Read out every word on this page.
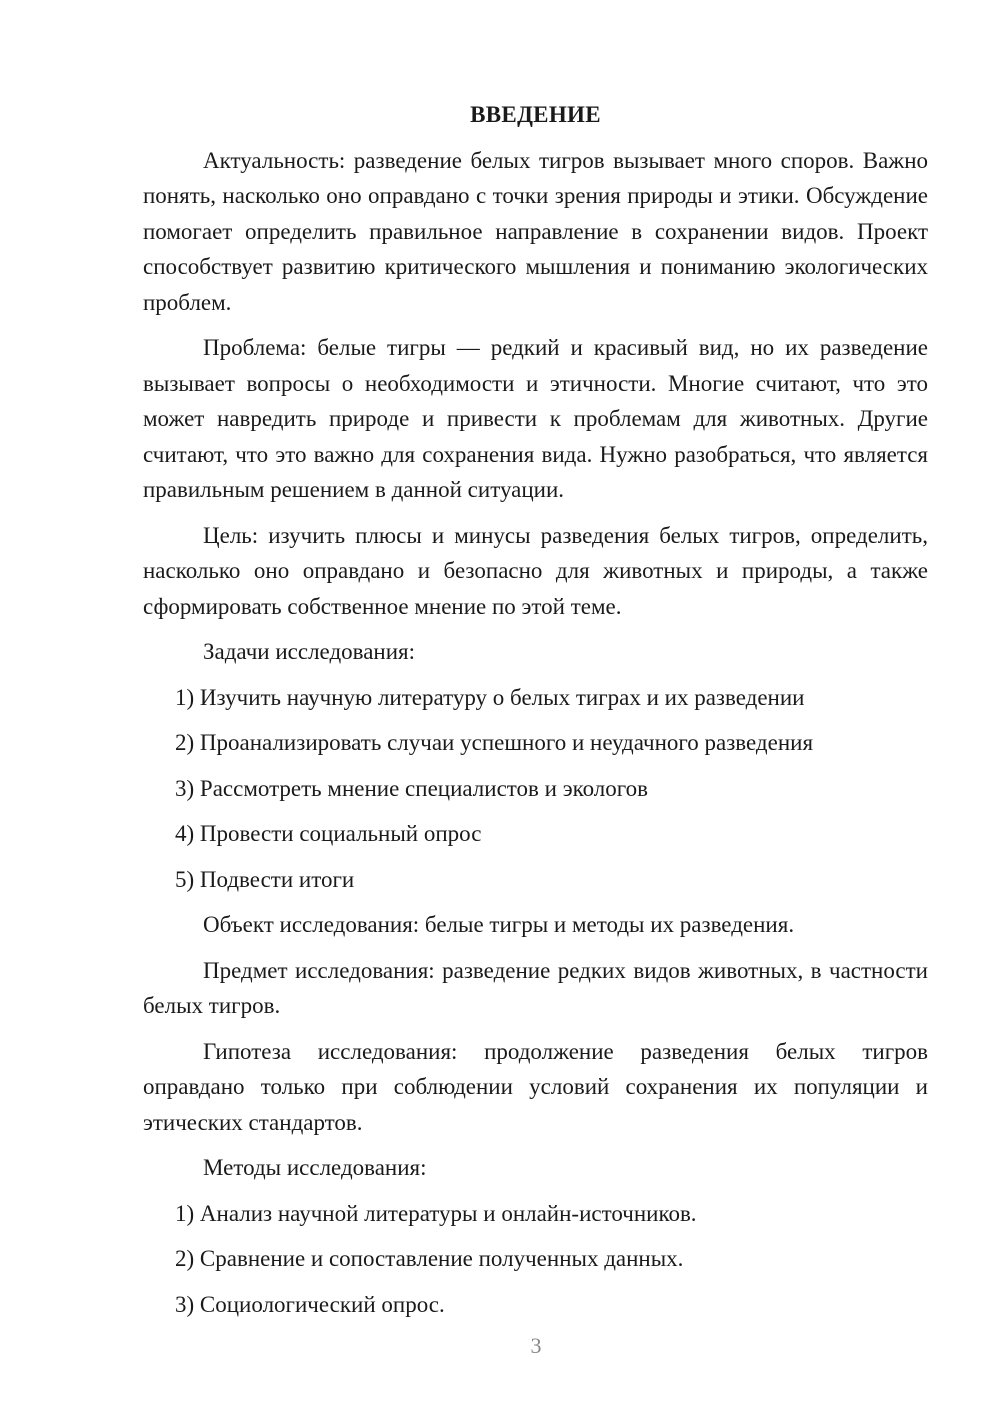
ВВЕДЕНИЕ
Актуальность: разведение белых тигров вызывает много споров. Важно понять, насколько оно оправдано с точки зрения природы и этики. Обсуждение помогает определить правильное направление в сохранении видов. Проект способствует развитию критического мышления и пониманию экологических проблем.
Проблема: белые тигры — редкий и красивый вид, но их разведение вызывает вопросы о необходимости и этичности. Многие считают, что это может навредить природе и привести к проблемам для животных. Другие считают, что это важно для сохранения вида. Нужно разобраться, что является правильным решением в данной ситуации.
Цель: изучить плюсы и минусы разведения белых тигров, определить, насколько оно оправдано и безопасно для животных и природы, а также сформировать собственное мнение по этой теме.
Задачи исследования:
1) Изучить научную литературу о белых тиграх и их разведении
2) Проанализировать случаи успешного и неудачного разведения
3) Рассмотреть мнение специалистов и экологов
4) Провести социальный опрос
5) Подвести итоги
Объект исследования: белые тигры и методы их разведения.
Предмет исследования: разведение редких видов животных, в частности белых тигров.
Гипотеза исследования: продолжение разведения белых тигров оправдано только при соблюдении условий сохранения их популяции и этических стандартов.
Методы исследования:
1) Анализ научной литературы и онлайн-источников.
2) Сравнение и сопоставление полученных данных.
3) Социологический опрос.
3
